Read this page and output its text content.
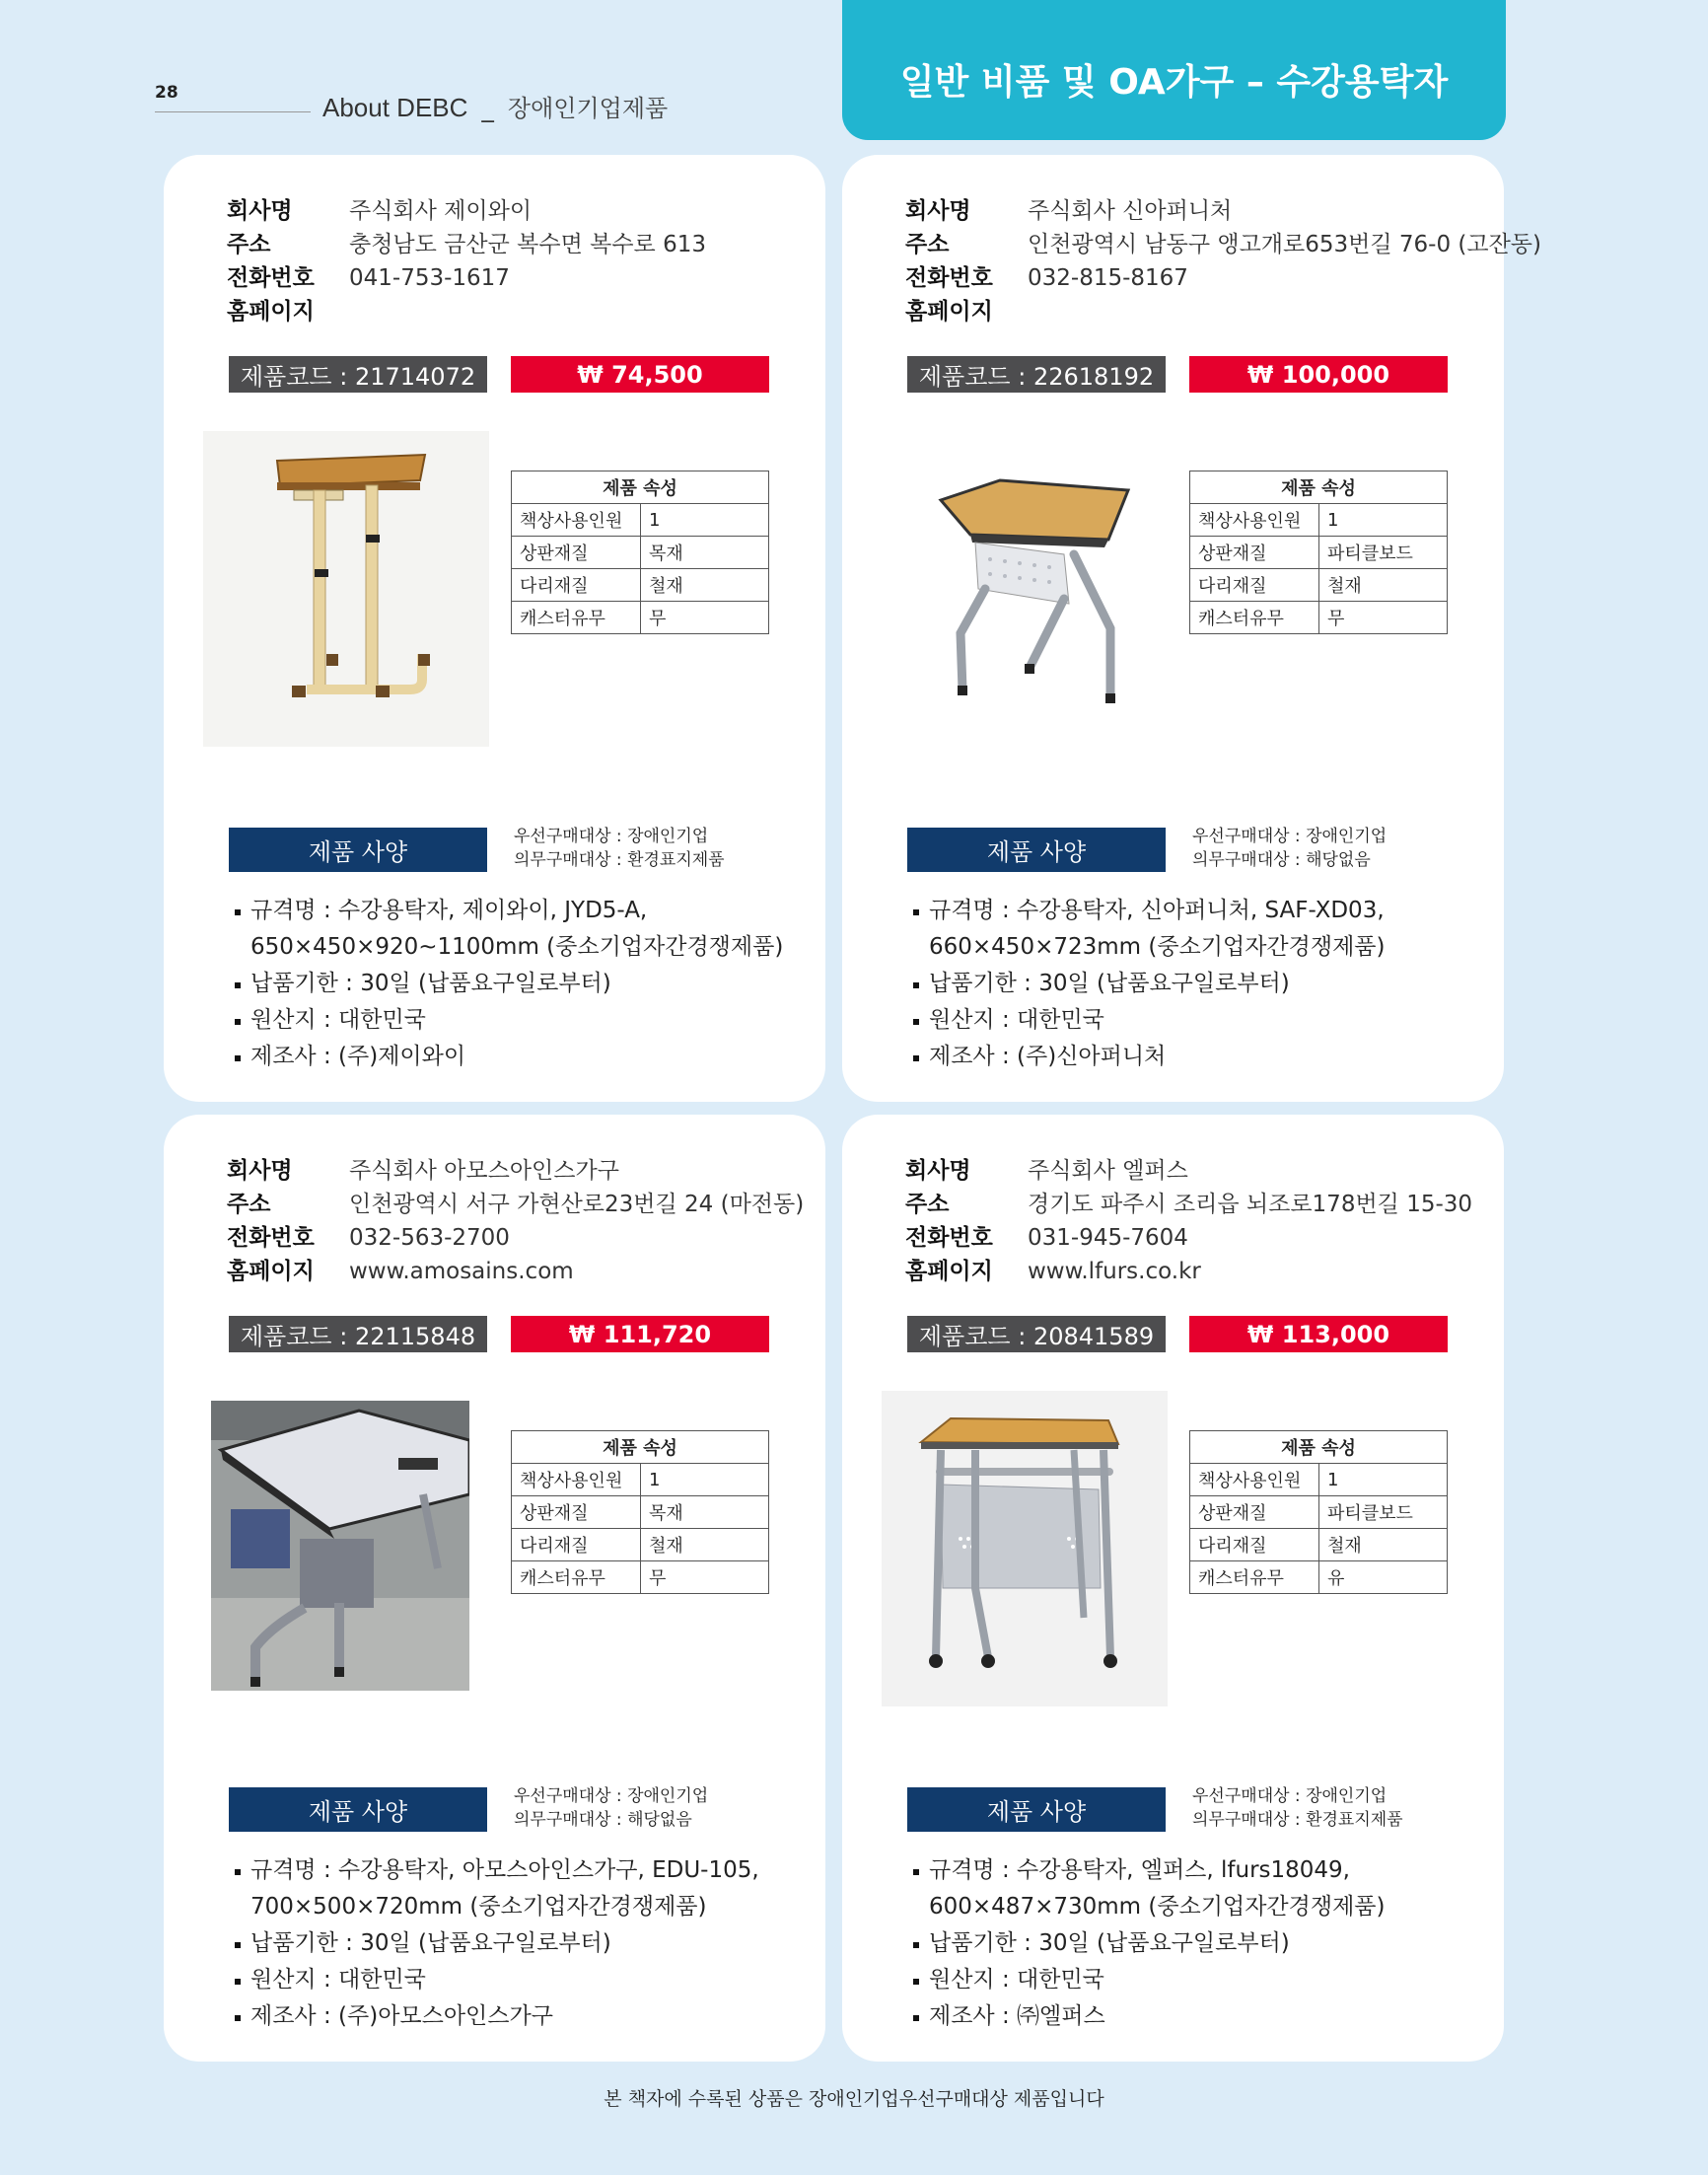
28	About DEBC _ 장애인기업제품
일반 비품 및 OA가구 – 수강용탁자
회사명	주식회사 제이와이
주소	충청남도 금산군 복수면 복수로 613
전화번호	041-753-1617
홈페이지
제품코드 : 21714072	₩ 74,500
제품 속성	
책상사용인원	1
상판재질	목재
다리재질	철재
캐스터유무	무
제품 사양
우선구매대상 : 장애인기업
의무구매대상 : 환경표지제품
규격명 : 수강용탁자, 제이와이, JYD5-A,
650×450×920~1100mm (중소기업자간경쟁제품)
납품기한 : 30일 (납품요구일로부터)
원산지 : 대한민국
제조사 : (주)제이와이
회사명	주식회사 신아퍼니처
주소	인천광역시 남동구 앵고개로653번길 76-0 (고잔동)
전화번호	032-815-8167
홈페이지
제품코드 : 22618192	₩ 100,000
제품 속성	
책상사용인원	1
상판재질	파티클보드
다리재질	철재
캐스터유무	무
제품 사양
우선구매대상 : 장애인기업
의무구매대상 : 해당없음
규격명 : 수강용탁자, 신아퍼니처, SAF-XD03,
660×450×723mm (중소기업자간경쟁제품)
납품기한 : 30일 (납품요구일로부터)
원산지 : 대한민국
제조사 : (주)신아퍼니처
회사명	주식회사 아모스아인스가구
주소	인천광역시 서구 가현산로23번길 24 (마전동)
전화번호	032-563-2700
홈페이지	www.amosains.com
제품코드 : 22115848	₩ 111,720
제품 속성	
책상사용인원	1
상판재질	목재
다리재질	철재
캐스터유무	무
제품 사양
우선구매대상 : 장애인기업
의무구매대상 : 해당없음
규격명 : 수강용탁자, 아모스아인스가구, EDU-105,
700×500×720mm (중소기업자간경쟁제품)
납품기한 : 30일 (납품요구일로부터)
원산지 : 대한민국
제조사 : (주)아모스아인스가구
회사명	주식회사 엘퍼스
주소	경기도 파주시 조리읍 뇌조로178번길 15-30
전화번호	031-945-7604
홈페이지	www.lfurs.co.kr
제품코드 : 20841589	₩ 113,000
제품 속성	
책상사용인원	1
상판재질	파티클보드
다리재질	철재
캐스터유무	유
제품 사양
우선구매대상 : 장애인기업
의무구매대상 : 환경표지제품
규격명 : 수강용탁자, 엘퍼스, lfurs18049,
600×487×730mm (중소기업자간경쟁제품)
납품기한 : 30일 (납품요구일로부터)
원산지 : 대한민국
제조사 : ㈜엘퍼스
본 책자에 수록된 상품은 장애인기업우선구매대상 제품입니다
